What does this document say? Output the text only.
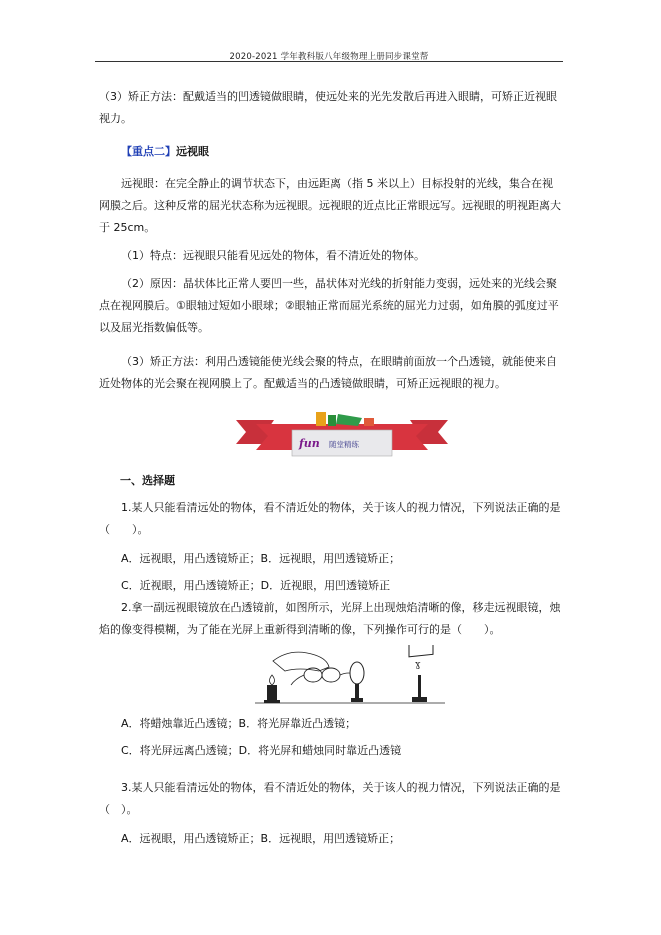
2020-2021 学年教科版八年级物理上册同步课堂帮
（3）矫正方法：配戴适当的凹透镜做眼睛，使远处来的光先发散后再进入眼睛，可矫正近视眼视力。
【重点二】远视眼
远视眼：在完全静止的调节状态下，由远距离（指 5 米以上）目标投射的光线，集合在视网膜之后。这种反常的屈光状态称为远视眼。远视眼的近点比正常眼远写。远视眼的明视距离大于 25cm。
（1）特点：远视眼只能看见远处的物体，看不清近处的物体。
（2）原因：晶状体比正常人要凹一些，晶状体对光线的折射能力变弱，远处来的光线会聚点在视网膜后。①眼轴过短如小眼球；②眼轴正常而屈光系统的屈光力过弱，如角膜的弧度过平以及屈光指数偏低等。
（3）矫正方法：利用凸透镜能使光线会聚的特点，在眼睛前面放一个凸透镜，就能使来自近处物体的光会聚在视网膜上了。配戴适当的凸透镜做眼睛，可矫正远视眼的视力。
fun 随堂精练
一、选择题
1.某人只能看清远处的物体，看不清近处的物体，关于该人的视力情况，下列说法正确的是（　　）。
A．远视眼，用凸透镜矫正；B．远视眼，用凹透镜矫正；
C．近视眼，用凸透镜矫正；D．近视眼，用凹透镜矫正
2.拿一副远视眼镜放在凸透镜前，如图所示，光屏上出现烛焰清晰的像，移走远视眼镜，烛焰的像变得模糊，为了能在光屏上重新得到清晰的像，下列操作可行的是（　　）。
ɣ
A．将蜡烛靠近凸透镜；B．将光屏靠近凸透镜；
C．将光屏远离凸透镜；D．将光屏和蜡烛同时靠近凸透镜
3.某人只能看清远处的物体，看不清近处的物体，关于该人的视力情况，下列说法正确的是（　）。
A．远视眼，用凸透镜矫正；B．远视眼，用凹透镜矫正；
